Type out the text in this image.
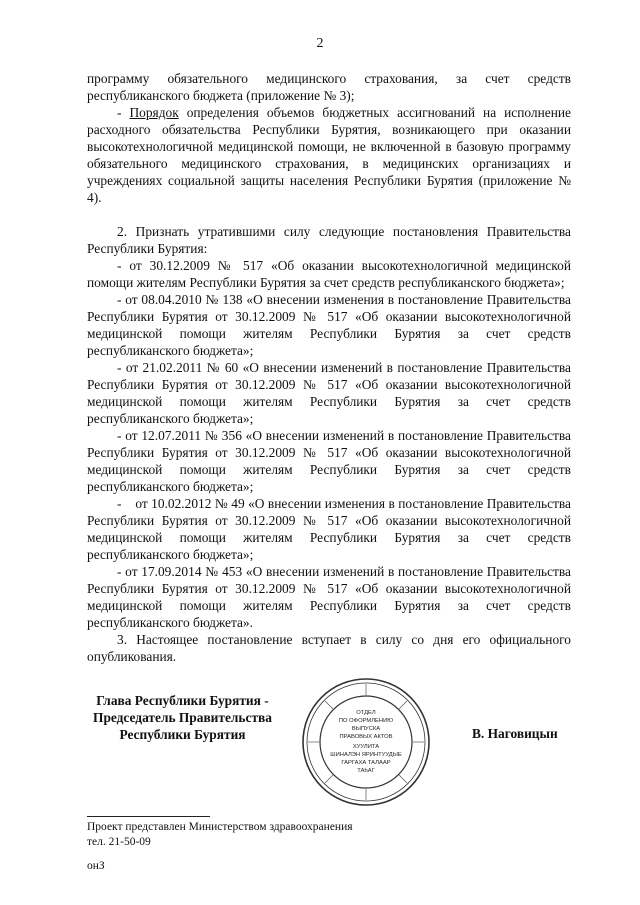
2

программу обязательного медицинского страхования, за счет средств республиканского бюджета (приложение № 3);

- Порядок определения объемов бюджетных ассигнований на исполнение расходного обязательства Республики Бурятия, возникающего при оказании высокотехнологичной медицинской помощи, не включенной в базовую программу обязательного медицинского страхования, в медицинских организациях и учреждениях социальной защиты населения Республики Бурятия (приложение № 4).

2. Признать утратившими силу следующие постановления Правительства Республики Бурятия:

- от 30.12.2009 № 517 «Об оказании высокотехнологичной медицинской помощи жителям Республики Бурятия за счет средств республиканского бюджета»;

- от 08.04.2010 № 138 «О внесении изменения в постановление Правительства Республики Бурятия от 30.12.2009 № 517 «Об оказании высокотехнологичной медицинской помощи жителям Республики Бурятия за счет средств республиканского бюджета»;

- от 21.02.2011 № 60 «О внесении изменений в постановление Правительства Республики Бурятия от 30.12.2009 № 517 «Об оказании высокотехнологичной медицинской помощи жителям Республики Бурятия за счет средств республиканского бюджета»;

- от 12.07.2011 № 356 «О внесении изменений в постановление Правительства Республики Бурятия от 30.12.2009 № 517 «Об оказании высокотехнологичной медицинской помощи жителям Республики Бурятия за счет средств республиканского бюджета»;

-    от 10.02.2012 № 49 «О внесении изменения в постановление Правительства Республики Бурятия от 30.12.2009 № 517 «Об оказании высокотехнологичной медицинской помощи жителям Республики Бурятия за счет средств республиканского бюджета»;

- от 17.09.2014 № 453 «О внесении изменений в постановление Правительства Республики Бурятия от 30.12.2009 № 517 «Об оказании высокотехнологичной медицинской помощи жителям Республики Бурятия за счет средств республиканского бюджета».

3. Настоящее постановление вступает в силу со дня его официального опубликования.

Глава Республики Бурятия -
Председатель Правительства
Республики Бурятия
ОТДЕЛ
ПО ОФОРМЛЕНИЮ
ВЫПУСКА
ПРАВОВЫХ АКТОВ
ХУУЛИТА
ШИНАЛЭН ЯРИНТУУДЫЕ
ГАРГАХА ТАЛААР
ТАһАГ
В. Наговицын
Проект представлен Министерством здравоохранения
тел. 21-50-09
онЗ
